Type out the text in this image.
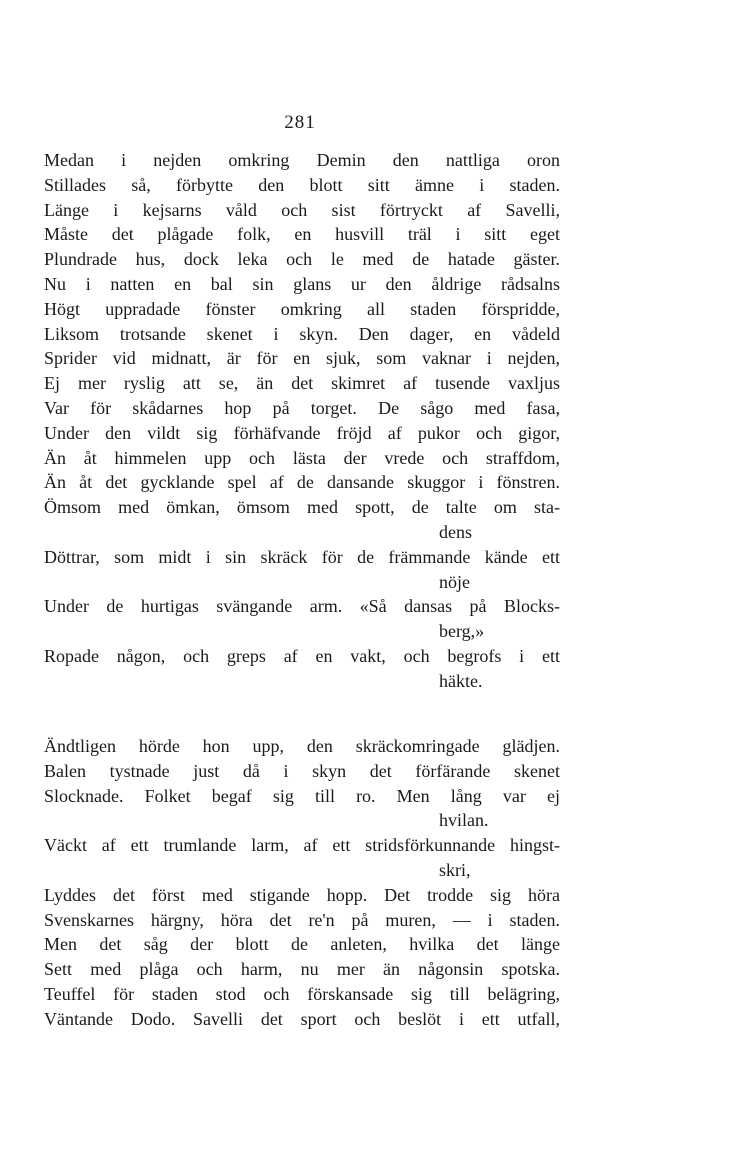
281
Medan i nejden omkring Demin den nattliga oron
Stillades så, förbytte den blott sitt ämne i staden.
Länge i kejsarns våld och sist förtryckt af Savelli,
Måste det plågade folk, en husvill träl i sitt eget
Plundrade hus, dock leka och le med de hatade gäster.
Nu i natten en bal sin glans ur den åldrige rådsalns
Högt uppradade fönster omkring all staden förspridde,
Liksom trotsande skenet i skyn. Den dager, en vådeld
Sprider vid midnatt, är för en sjuk, som vaknar i nejden,
Ej mer ryslig att se, än det skimret af tusende vaxljus
Var för skådarnes hop på torget. De sågo med fasa,
Under den vildt sig förhäfvande fröjd af pukor och gigor,
Än åt himmelen upp och lästa der vrede och straffdom,
Än åt det gycklande spel af de dansande skuggor i fönstren.
Ömsom med ömkan, ömsom med spott, de talte om sta-
dens
Döttrar, som midt i sin skräck för de främmande kände ett
nöje
Under de hurtigas svängande arm. «Så dansas på Blocks-
berg,»
Ropade någon, och greps af en vakt, och begrofs i ett
häkte.
Ändtligen hörde hon upp, den skräckomringade glädjen.
Balen tystnade just då i skyn det förfärande skenet
Slocknade. Folket begaf sig till ro. Men lång var ej
hvilan.
Väckt af ett trumlande larm, af ett stridsförkunnande hingst-
skri,
Lyddes det först med stigande hopp. Det trodde sig höra
Svenskarnes härgny, höra det re'n på muren, — i staden.
Men det såg der blott de anleten, hvilka det länge
Sett med plåga och harm, nu mer än någonsin spotska.
Teuffel för staden stod och förskansade sig till belägring,
Väntande Dodo. Savelli det sport och beslöt i ett utfall,
